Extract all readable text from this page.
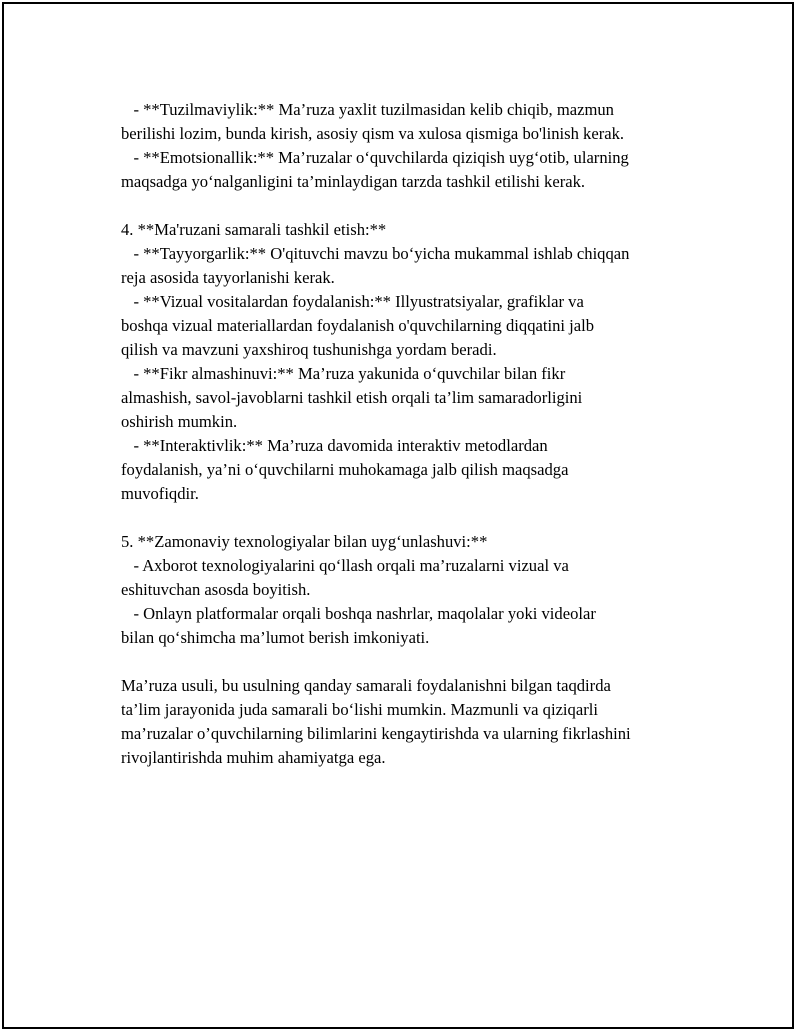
- **Tuzilmaviylik:** Ma’ruza yaxlit tuzilmasidan kelib chiqib, mazmun
berilishi lozim, bunda kirish, asosiy qism va xulosa qismiga bo'linish kerak.
- **Emotsionallik:** Ma’ruzalar o‘quvchilarda qiziqish uyg‘otib, ularning
maqsadga yo‘nalganligini ta’minlaydigan tarzda tashkil etilishi kerak.
4. **Ma'ruzani samarali tashkil etish:**
- **Tayyorgarlik:** O'qituvchi mavzu bo‘yicha mukammal ishlab chiqqan
reja asosida tayyorlanishi kerak.
- **Vizual vositalardan foydalanish:** Illyustratsiyalar, grafiklar va
boshqa vizual materiallardan foydalanish o'quvchilarning diqqatini jalb
qilish va mavzuni yaxshiroq tushunishga yordam beradi.
- **Fikr almashinuvi:** Ma’ruza yakunida o‘quvchilar bilan fikr
almashish, savol-javoblarni tashkil etish orqali ta’lim samaradorligini
oshirish mumkin.
- **Interaktivlik:** Ma’ruza davomida interaktiv metodlardan
foydalanish, ya’ni o‘quvchilarni muhokamaga jalb qilish maqsadga
muvofiqdir.
5. **Zamonaviy texnologiyalar bilan uyg‘unlashuvi:**
- Axborot texnologiyalarini qo‘llash orqali ma’ruzalarni vizual va
eshituvchan asosda boyitish.
- Onlayn platformalar orqali boshqa nashrlar, maqolalar yoki videolar
bilan qo‘shimcha ma’lumot berish imkoniyati.
Ma’ruza usuli, bu usulning qanday samarali foydalanishni bilgan taqdirda
ta’lim jarayonida juda samarali bo‘lishi mumkin. Mazmunli va qiziqarli
ma’ruzalar o’quvchilarning bilimlarini kengaytirishda va ularning fikrlashini
rivojlantirishda muhim ahamiyatga ega.
